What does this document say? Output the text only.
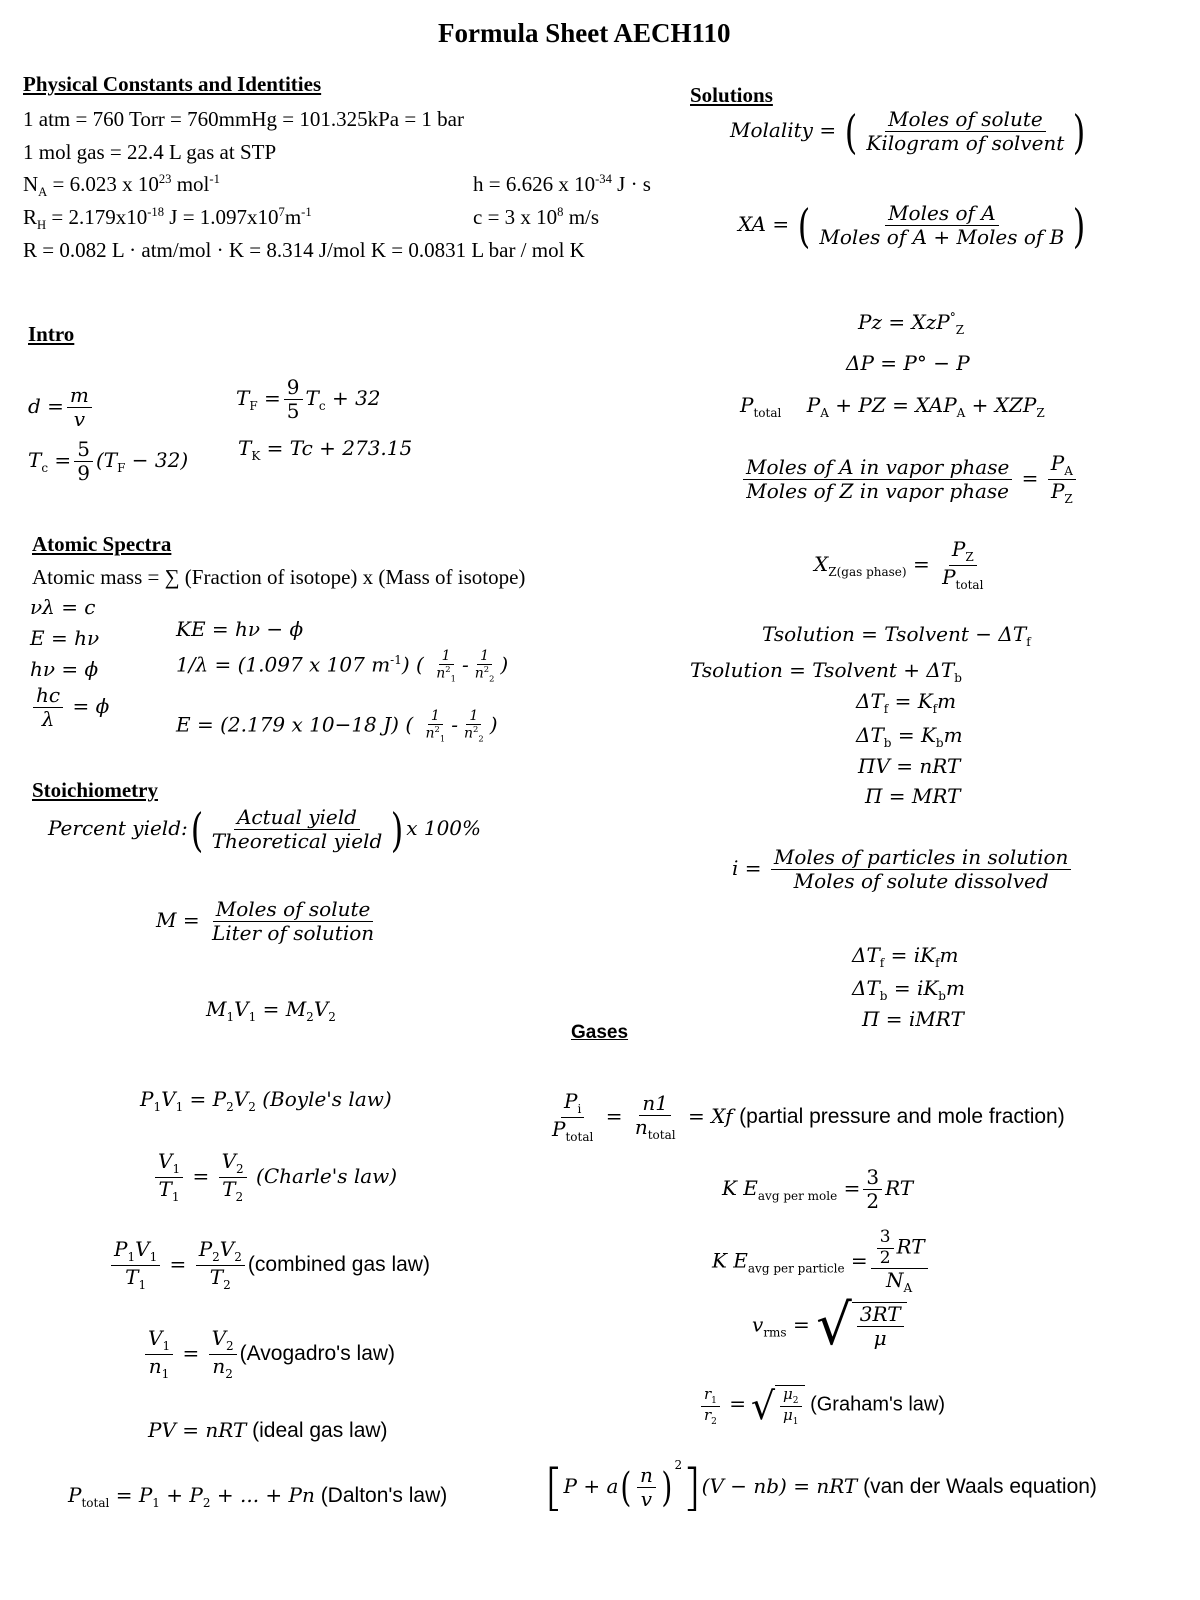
Formula Sheet AECH110
Physical Constants and Identities
1 atm = 760 Torr = 760mmHg = 101.325kPa = 1 bar
1 mol gas = 22.4 L gas at STP
$N_A = 6.023$ x $10^{23}$ mol$^{-1}$	h = 6.626 x $10^{-34}$ J · s
$R_H = 2.179x10^{-18}$ $J = 1.097x10^7m^{-1}$	c = 3 x $10^8$ m/s
R = 0.082 L · atm/mol · K = 8.314 J/mol K = 0.0831 L bar / mol K
Solutions
Molality = ( $\frac{\text{Moles of solute}}{\text{Kilogram of solvent}}$ )
XA = ( $\frac{\text{Moles of A}}{\text{Moles of A + Moles of B}}$ )
Pz = XzP°$_Z$
ΔP = P° − P
$P_{total}$ $P_A$ + PZ = $XAP_A + XZP_Z$
$\frac{\text{Moles of A in vapor phase}}{\text{Moles of Z in vapor phase}} = \frac{P_A}{P_Z}$
$X_{Z(gas phase)} = \frac{P_Z}{P_{total}}$
Tsolution = Tsolvent − $\Delta T_f$
Tsolution = Tsolvent + $\Delta T_b$
$\Delta T_f = K_fm$
$\Delta T_b = K_bm$
ΠV = nRT
Π = MRT
$i = \frac{\text{Moles of particles in solution}}{\text{Moles of solute dissolved}}$
$\Delta T_f = iK_fm$
$\Delta T_b = iK_bm$
Π = iMRT
Intro
$d = \frac{m}{v}$	$T_F = \frac{9}{5} T_c + 32$
$T_K = Tc + 273.15$
$T_c = \frac{5}{9} (T_F - 32)$
Atomic Spectra
Atomic mass = ∑ (Fraction of isotope) x (Mass of isotope)
νλ = c
E = hν	KE = hν − ϕ
hν = ϕ	1/λ = (1.097 x 107 $m^{-1}$) ( $\frac{1}{n^2_1} - \frac{1}{n^2_2}$ )
$\frac{hc}{\lambda} = \phi$
E = (2.179 x 10−18 J) ( $\frac{1}{n^2_1} - \frac{1}{n^2_2}$ )
Stoichiometry
Percent yield:( $\frac{\text{Actual yield}}{\text{Theoretical yield}}$ ) x 100%
$M = \frac{\text{Moles of solute}}{\text{Liter of solution}}$
$M_1V_1 = M_2V_2$
Gases
$P_1V_1 = P_2V_2$ (Boyle's law)
$\frac{V_1}{T_1} = \frac{V_2}{T_2}$ (Charle's law)
$\frac{P_1V_1}{T_1} = \frac{P_2V_2}{T_2}$ (combined gas law)
$\frac{V_1}{n_1} = \frac{V_2}{n_2}$ (Avogadro's law)
PV = nRT (ideal gas law)
$P_{total} = P_1 + P_2$ + ... + Pn (Dalton's law)
$\frac{P_i}{P_{total}} = \frac{n1}{n_{total}} = Xf$ (partial pressure and mole fraction)
K $E_{avg per mole} = \frac{3}{2}$ RT
K $E_{avg per particle} = \frac{\frac{3}{2} RT}{N_A}$
$v_{rms}$ = √ $\frac{3RT}{\mu}$
$\frac{r_1}{r_2}$ = √ $\frac{\mu_2}{\mu_1}$ (Graham's law)
[$P + a( \frac{n}{v}$ ) $^2$](V − nb) = nRT (van der Waals equation)
